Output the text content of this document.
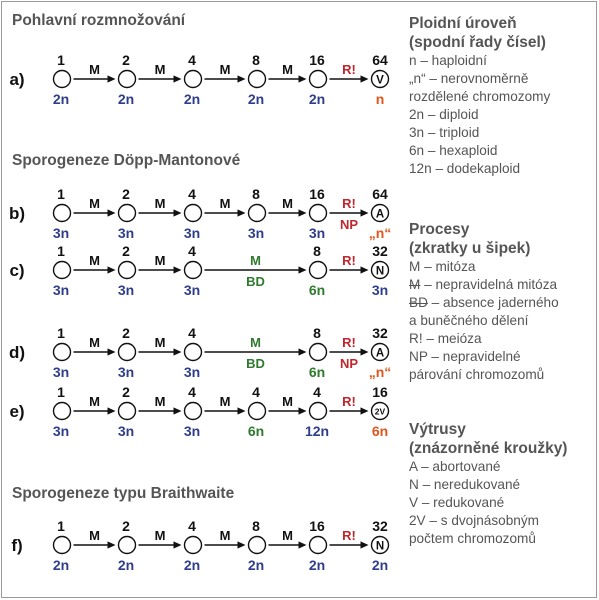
a)
1
2n
2
2n
4
2n
8
2n
16
2n
V
64
n
M	M	M	M	R!
b)
1
3n
2
3n
4
3n
8
3n
16
3n
A
64
„n“
M	M	M	M	R!
NP
c)
1
3n
2
3n
4
3n
8
6n
N
32
3n
M	M	M
BD
R!
d)
1
3n
2
3n
4
3n
8
6n
A
32
„n“
M	M	M
BD
R!
NP
e)
1
3n
2
3n
4
3n
4
6n
4
12n
2V
16
6n
M	M	M	M	R!
f)
1
2n
2
2n
4
2n
8
2n
16
2n
N
32
2n
M	M	M	M	R!
Pohlavní rozmnožování
Sporogeneze Döpp-Mantonové
Sporogeneze typu Braithwaite
Ploidní úroveň
(spodní řady čísel)
n – haploidní
„n“ – nerovnoměrně
rozdělené chromozomy
2n – diploid
3n – triploid
6n – hexaploid
12n – dodekaploid
Procesy
(zkratky u šipek)
M – mitóza
M – nepravidelná mitóza
BD – absence jaderného
a buněčného dělení
R! – meióza
NP – nepravidelné
párování chromozomů
Výtrusy
(znázorněné kroužky)
A – abortované
N – neredukované
V – redukované
2V – s dvojnásobným
počtem chromozomů
